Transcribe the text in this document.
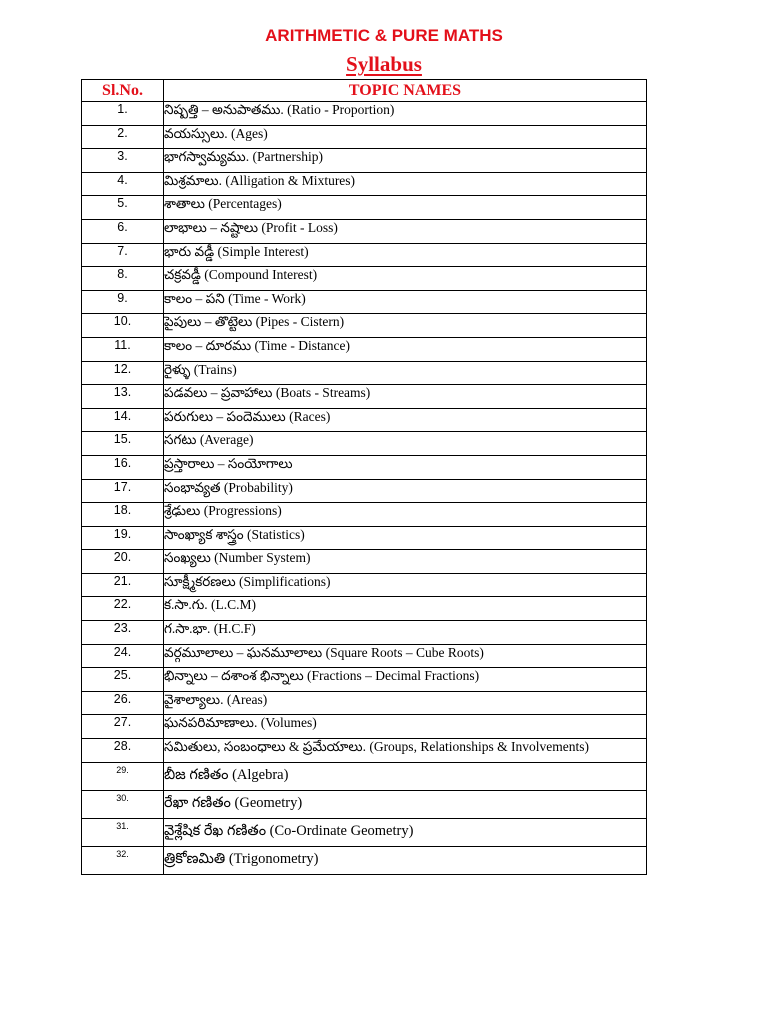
ARITHMETIC & PURE MATHS
Syllabus
Sl.No.	TOPIC NAMES
1.	నిష్పత్తి – అనుపాతము. (Ratio - Proportion)
2.	వయస్సులు. (Ages)
3.	భాగస్వామ్యము. (Partnership)
4.	మిశ్రమాలు. (Alligation & Mixtures)
5.	శాతాలు (Percentages)
6.	లాభాలు – నష్టాలు (Profit - Loss)
7.	భారు వడ్డీ (Simple Interest)
8.	చక్రవడ్డీ (Compound Interest)
9.	కాలం – పని (Time - Work)
10.	పైపులు – తొట్టెలు (Pipes - Cistern)
11.	కాలం – దూరము (Time - Distance)
12.	రైళ్ళు (Trains)
13.	పడవలు – ప్రవాహాలు (Boats - Streams)
14.	పరుగులు – పందెములు (Races)
15.	సగటు (Average)
16.	ప్రస్తారాలు – సంయోగాలు
17.	సంభావ్యత (Probability)
18.	శ్రేఢులు (Progressions)
19.	సాంఖ్యాక శాస్త్రం (Statistics)
20.	సంఖ్యలు (Number System)
21.	సూక్ష్మీకరణలు (Simplifications)
22.	క.సా.గు. (L.C.M)
23.	గ.సా.భా. (H.C.F)
24.	వర్గమూలాలు – ఘనమూలాలు (Square Roots – Cube Roots)
25.	భిన్నాలు – దశాంశ భిన్నాలు (Fractions – Decimal Fractions)
26.	వైశాల్యాలు. (Areas)
27.	ఘనపరిమాణాలు. (Volumes)
28.	సమితులు, సంబంధాలు & ప్రమేయాలు. (Groups, Relationships & Involvements)
29.	బీజ గణితం (Algebra)
30.	రేఖా గణితం (Geometry)
31.	వైశ్లేషిక రేఖ గణితం (Co-Ordinate Geometry)
32.	త్రికోణమితి (Trigonometry)
